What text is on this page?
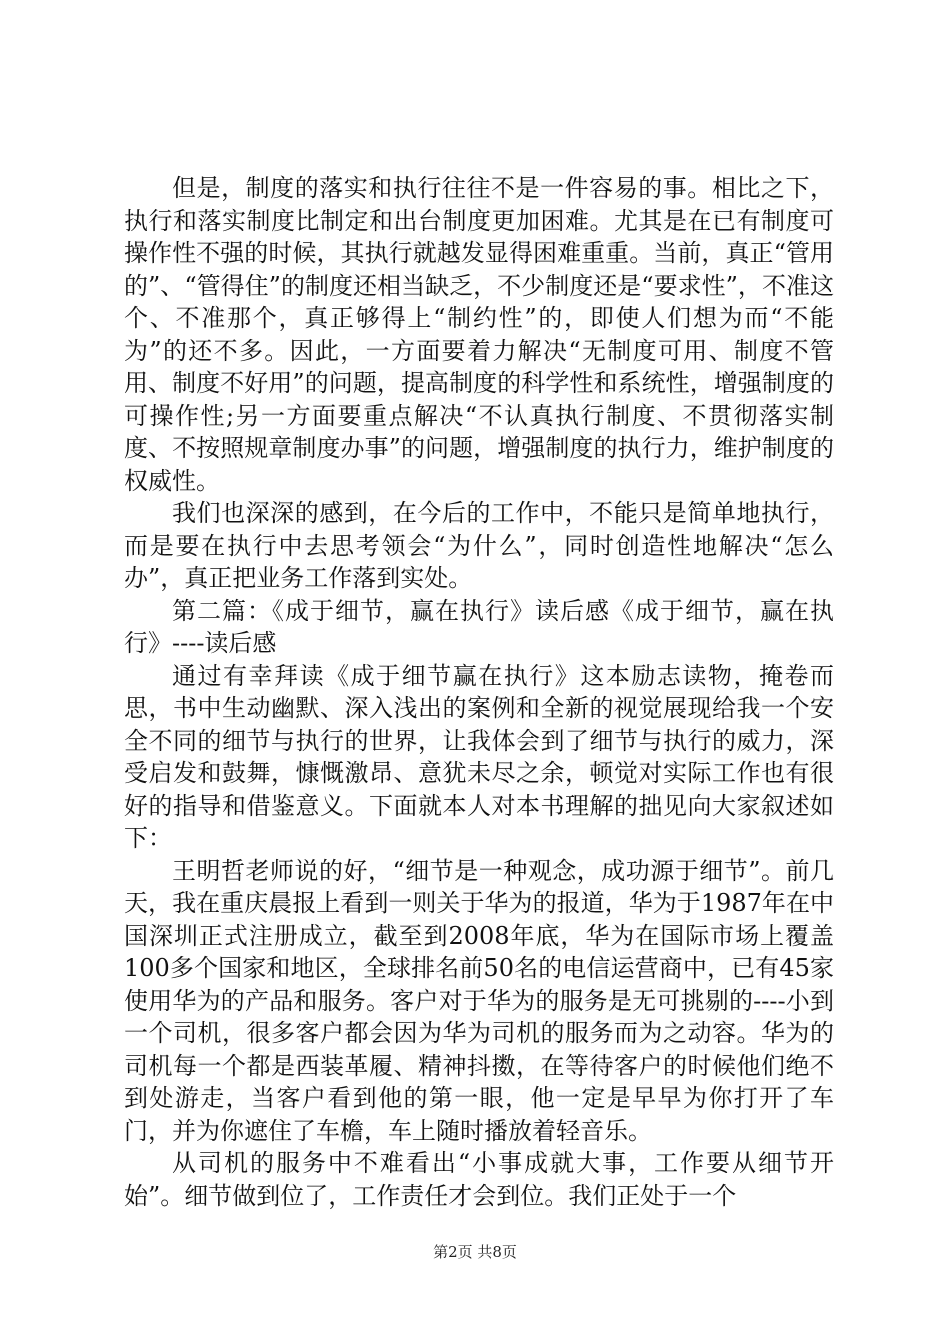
但是，制度的落实和执行往往不是一件容易的事。相比之下，执行和落实制度比制定和出台制度更加困难。尤其是在已有制度可操作性不强的时候，其执行就越发显得困难重重。当前，真正“管用的”、“管得住”的制度还相当缺乏，不少制度还是“要求性”，不准这个、不准那个，真正够得上“制约性”的，即使人们想为而“不能为”的还不多。因此，一方面要着力解决“无制度可用、制度不管用、制度不好用”的问题，提高制度的科学性和系统性，增强制度的可操作性;另一方面要重点解决“不认真执行制度、不贯彻落实制度、不按照规章制度办事”的问题，增强制度的执行力，维护制度的权威性。

我们也深深的感到，在今后的工作中，不能只是简单地执行，而是要在执行中去思考领会“为什么”，同时创造性地解决“怎么办”，真正把业务工作落到实处。

第二篇：《成于细节，赢在执行》读后感《成于细节，赢在执行》----读后感

通过有幸拜读《成于细节赢在执行》这本励志读物，掩卷而思，书中生动幽默、深入浅出的案例和全新的视觉展现给我一个安全不同的细节与执行的世界，让我体会到了细节与执行的威力，深受启发和鼓舞，慷慨激昂、意犹未尽之余，顿觉对实际工作也有很好的指导和借鉴意义。下面就本人对本书理解的拙见向大家叙述如下：

王明哲老师说的好，“细节是一种观念，成功源于细节”。前几天，我在重庆晨报上看到一则关于华为的报道，华为于1987年在中国深圳正式注册成立，截至到2008年底，华为在国际市场上覆盖100多个国家和地区，全球排名前50名的电信运营商中，已有45家使用华为的产品和服务。客户对于华为的服务是无可挑剔的----小到一个司机，很多客户都会因为华为司机的服务而为之动容。华为的司机每一个都是西装革履、精神抖擞，在等待客户的时候他们绝不到处游走，当客户看到他的第一眼，他一定是早早为你打开了车门，并为你遮住了车檐，车上随时播放着轻音乐。

从司机的服务中不难看出“小事成就大事，工作要从细节开始”。细节做到位了，工作责任才会到位。我们正处于一个

第2页 共8页
